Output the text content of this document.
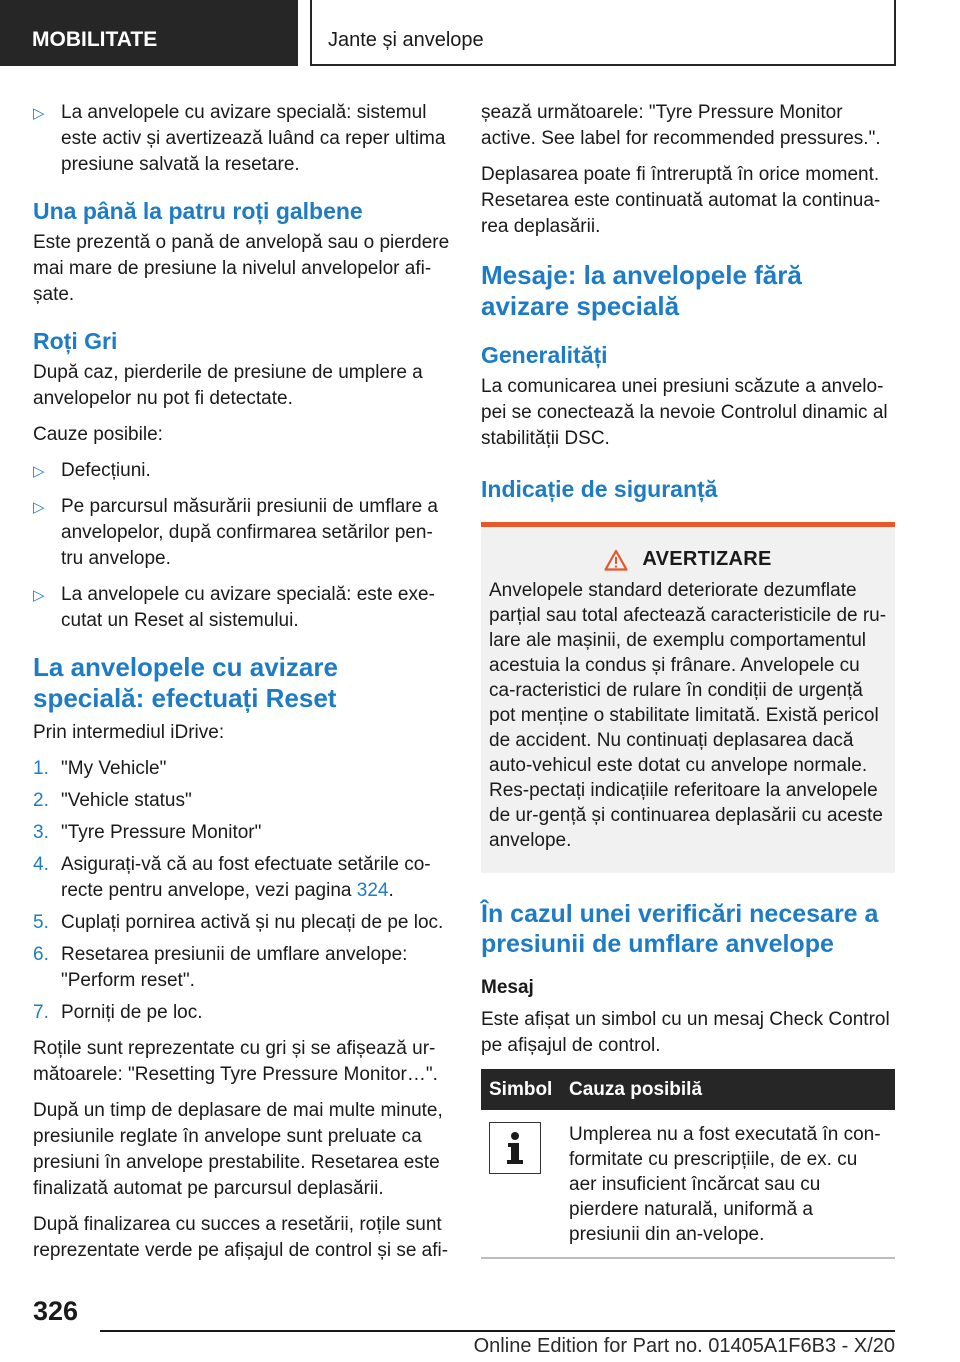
MOBILITATE	Jante și anvelope
▷ La anvelopele cu avizare specială: sistemul este activ și avertizează luând ca reper ultima presiune salvată la resetare.
Una până la patru roți galbene

Este prezentă o pană de anvelopă sau o pierdere mai mare de presiune la nivelul anvelopelor afi-șate.

Roți Gri

După caz, pierderile de presiune de umplere a anvelopelor nu pot fi detectate.

Cauze posibile:

▷ Defecțiuni.
▷ Pe parcursul măsurării presiunii de umflare a anvelopelor, după confirmarea setărilor pen-tru anvelope.
▷ La anvelopele cu avizare specială: este exe-cutat un Reset al sistemului.
La anvelopele cu avizare specială: efectuați Reset

Prin intermediul iDrive:

1. "My Vehicle"
2. "Vehicle status"
3. "Tyre Pressure Monitor"
4. Asigurați-vă că au fost efectuate setările co-recte pentru anvelope, vezi pagina 324.
5. Cuplați pornirea activă și nu plecați de pe loc.
6. Resetarea presiunii de umflare anvelope: "Perform reset".
7. Porniți de pe loc.

Roțile sunt reprezentate cu gri și se afișează ur-mătoarele: "Resetting Tyre Pressure Monitor…".

După un timp de deplasare de mai multe minute, presiunile reglate în anvelope sunt preluate ca presiuni în anvelope prestabilite. Resetarea este finalizată automat pe parcursul deplasării.

După finalizarea cu succes a resetării, roțile sunt reprezentate verde pe afișajul de control și se afi-

șează următoarele: "Tyre Pressure Monitor active. See label for recommended pressures.".

Deplasarea poate fi întreruptă în orice moment. Resetarea este continuată automat la continua-rea deplasării.

Mesaje: la anvelopele fără avizare specială
Generalități

La comunicarea unei presiuni scăzute a anvelo-pei se conectează la nevoie Controlul dinamic al stabilității DSC.

Indicație de siguranță
AVERTIZARE
Anvelopele standard deteriorate dezumflate parțial sau total afectează caracteristicile de ru-lare ale mașinii, de exemplu comportamentul acestuia la condus și frânare. Anvelopele cu ca-racteristici de rulare în condiții de urgență pot menține o stabilitate limitată. Există pericol de accident. Nu continuați deplasarea dacă auto-vehicul este dotat cu anvelope normale. Res-pectați indicațiile referitoare la anvelopele de ur-gență și continuarea deplasării cu aceste anvelope.
În cazul unei verificări necesare a presiunii de umflare anvelope
Mesaj

Este afișat un simbol cu un mesaj Check Control pe afișajul de control.

Simbol	Cauza posibilă

	Umplerea nu a fost executată în con-formitate cu prescripțiile, de ex. cu aer insuficient încărcat sau cu pierdere naturală, uniformă a presiunii din an-velope.
326
Online Edition for Part no. 01405A1F6B3 - X/20
